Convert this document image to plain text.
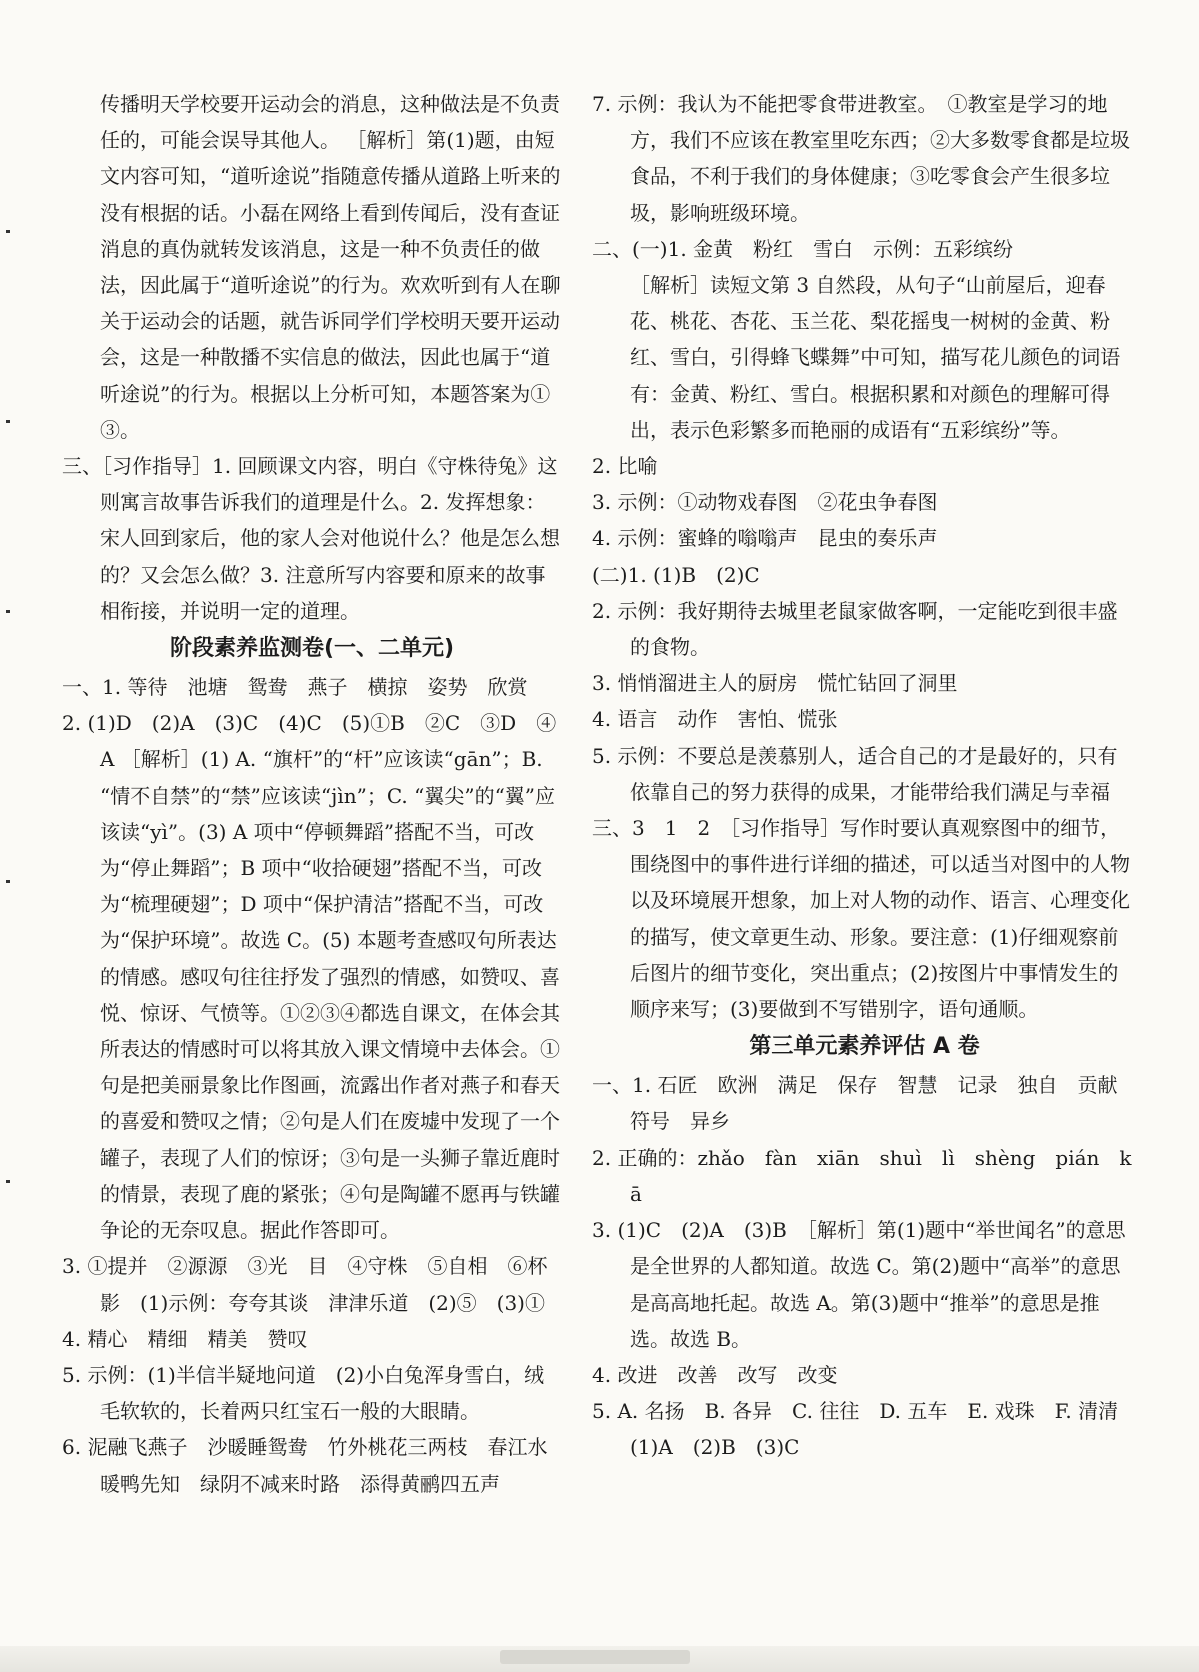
传播明天学校要开运动会的消息，这种做法是不负责任的，可能会误导其他人。 ［解析］第(1)题，由短文内容可知，“道听途说”指随意传播从道路上听来的没有根据的话。小磊在网络上看到传闻后，没有查证消息的真伪就转发该消息，这是一种不负责任的做法，因此属于“道听途说”的行为。欢欢听到有人在聊关于运动会的话题，就告诉同学们学校明天要开运动会，这是一种散播不实信息的做法，因此也属于“道听途说”的行为。根据以上分析可知，本题答案为①③。

三、［习作指导］1. 回顾课文内容，明白《守株待兔》这则寓言故事告诉我们的道理是什么。2. 发挥想象：宋人回到家后，他的家人会对他说什么？他是怎么想的？又会怎么做？3. 注意所写内容要和原来的故事相衔接，并说明一定的道理。

阶段素养监测卷(一、二单元)

一、1. 等待　池塘　鸳鸯　燕子　横掠　姿势　欣赏

2. (1)D　(2)A　(3)C　(4)C　(5)①B　②C　③D　④A ［解析］(1) A. “旗杆”的“杆”应该读“gān”；B. “情不自禁”的“禁”应该读“jìn”；C. “翼尖”的“翼”应该读“yì”。(3) A 项中“停顿舞蹈”搭配不当，可改为“停止舞蹈”；B 项中“收拾硬翅”搭配不当，可改为“梳理硬翅”；D 项中“保护清洁”搭配不当，可改为“保护环境”。故选 C。(5) 本题考查感叹句所表达的情感。感叹句往往抒发了强烈的情感，如赞叹、喜悦、惊讶、气愤等。①②③④都选自课文，在体会其所表达的情感时可以将其放入课文情境中去体会。①句是把美丽景象比作图画，流露出作者对燕子和春天的喜爱和赞叹之情；②句是人们在废墟中发现了一个罐子，表现了人们的惊讶；③句是一头狮子靠近鹿时的情景，表现了鹿的紧张；④句是陶罐不愿再与铁罐争论的无奈叹息。据此作答即可。

3. ①提并　②源源　③光　目　④守株　⑤自相　⑥杯　影　(1)示例：夸夸其谈　津津乐道　(2)⑤　(3)①

4. 精心　精细　精美　赞叹

5. 示例：(1)半信半疑地问道　(2)小白兔浑身雪白，绒毛软软的，长着两只红宝石一般的大眼睛。

6. 泥融飞燕子　沙暖睡鸳鸯　竹外桃花三两枝　春江水暖鸭先知　绿阴不减来时路　添得黄鹂四五声

7. 示例：我认为不能把零食带进教室。　①教室是学习的地方，我们不应该在教室里吃东西；②大多数零食都是垃圾食品，不利于我们的身体健康；③吃零食会产生很多垃圾，影响班级环境。

二、(一)1. 金黄　粉红　雪白　示例：五彩缤纷

［解析］读短文第 3 自然段，从句子“山前屋后，迎春花、桃花、杏花、玉兰花、梨花摇曳一树树的金黄、粉红、雪白，引得蜂飞蝶舞”中可知，描写花儿颜色的词语有：金黄、粉红、雪白。根据积累和对颜色的理解可得出，表示色彩繁多而艳丽的成语有“五彩缤纷”等。

2. 比喻

3. 示例：①动物戏春图　②花虫争春图

4. 示例：蜜蜂的嗡嗡声　昆虫的奏乐声

(二)1. (1)B　(2)C

2. 示例：我好期待去城里老鼠家做客啊，一定能吃到很丰盛的食物。

3. 悄悄溜进主人的厨房　慌忙钻回了洞里

4. 语言　动作　害怕、慌张

5. 示例：不要总是羡慕别人，适合自己的才是最好的，只有依靠自己的努力获得的成果，才能带给我们满足与幸福

三、3　1　2　［习作指导］写作时要认真观察图中的细节，围绕图中的事件进行详细的描述，可以适当对图中的人物以及环境展开想象，加上对人物的动作、语言、心理变化的描写，使文章更生动、形象。要注意：(1)仔细观察前后图片的细节变化，突出重点；(2)按图片中事情发生的顺序来写；(3)要做到不写错别字，语句通顺。

第三单元素养评估 A 卷

一、1. 石匠　欧洲　满足　保存　智慧　记录　独自　贡献　符号　异乡

2. 正确的：zhǎo　fàn　xiān　shuì　lì　shèng　pián　kā

3. (1)C　(2)A　(3)B　［解析］第(1)题中“举世闻名”的意思是全世界的人都知道。故选 C。第(2)题中“高举”的意思是高高地托起。故选 A。第(3)题中“推举”的意思是推选。故选 B。

4. 改进　改善　改写　改变

5. A. 名扬　B. 各异　C. 往往　D. 五车　E. 戏珠　F. 清清　(1)A　(2)B　(3)C
